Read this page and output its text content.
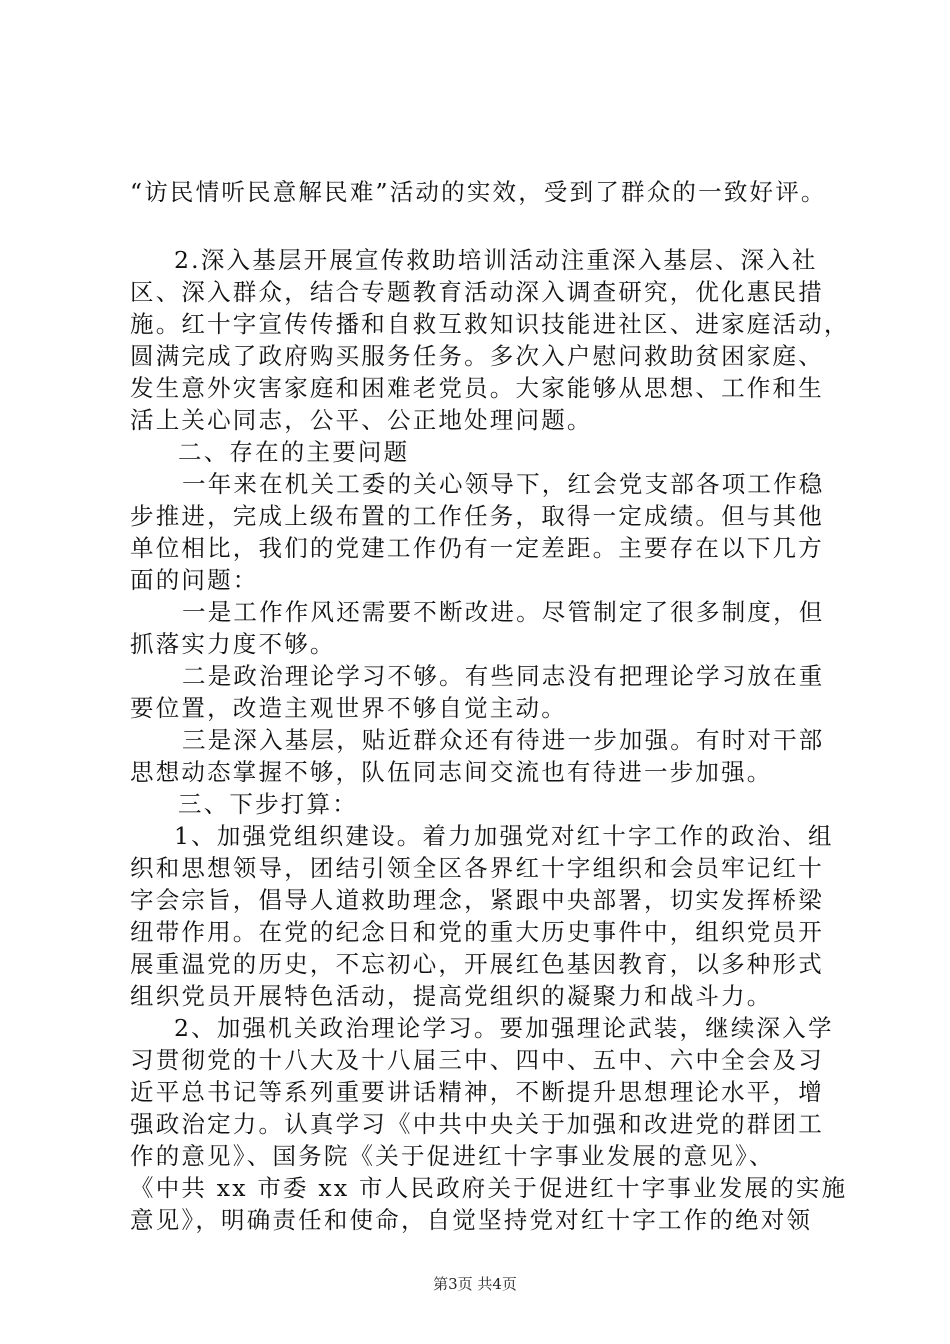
“访民情听民意解民难”活动的实效，受到了群众的一致好评。
2.深入基层开展宣传救助培训活动注重深入基层、深入社
区、深入群众，结合专题教育活动深入调查研究，优化惠民措
施。红十字宣传传播和自救互救知识技能进社区、进家庭活动，
圆满完成了政府购买服务任务。多次入户慰问救助贫困家庭、
发生意外灾害家庭和困难老党员。大家能够从思想、工作和生
活上关心同志，公平、公正地处理问题。
二、存在的主要问题
一年来在机关工委的关心领导下，红会党支部各项工作稳
步推进，完成上级布置的工作任务，取得一定成绩。但与其他
单位相比，我们的党建工作仍有一定差距。主要存在以下几方
面的问题：
一是工作作风还需要不断改进。尽管制定了很多制度，但
抓落实力度不够。
二是政治理论学习不够。有些同志没有把理论学习放在重
要位置，改造主观世界不够自觉主动。
三是深入基层，贴近群众还有待进一步加强。有时对干部
思想动态掌握不够，队伍同志间交流也有待进一步加强。
三、下步打算：
1、加强党组织建设。着力加强党对红十字工作的政治、组
织和思想领导，团结引领全区各界红十字组织和会员牢记红十
字会宗旨，倡导人道救助理念，紧跟中央部署，切实发挥桥梁
纽带作用。在党的纪念日和党的重大历史事件中，组织党员开
展重温党的历史，不忘初心，开展红色基因教育，以多种形式
组织党员开展特色活动，提高党组织的凝聚力和战斗力。
2、加强机关政治理论学习。要加强理论武装，继续深入学
习贯彻党的十八大及十八届三中、四中、五中、六中全会及习
近平总书记等系列重要讲话精神，不断提升思想理论水平，增
强政治定力。认真学习《中共中央关于加强和改进党的群团工
作的意见》、国务院《关于促进红十字事业发展的意见》、
《中共 xx 市委 xx 市人民政府关于促进红十字事业发展的实施
意见》，明确责任和使命，自觉坚持党对红十字工作的绝对领
第3页 共4页
